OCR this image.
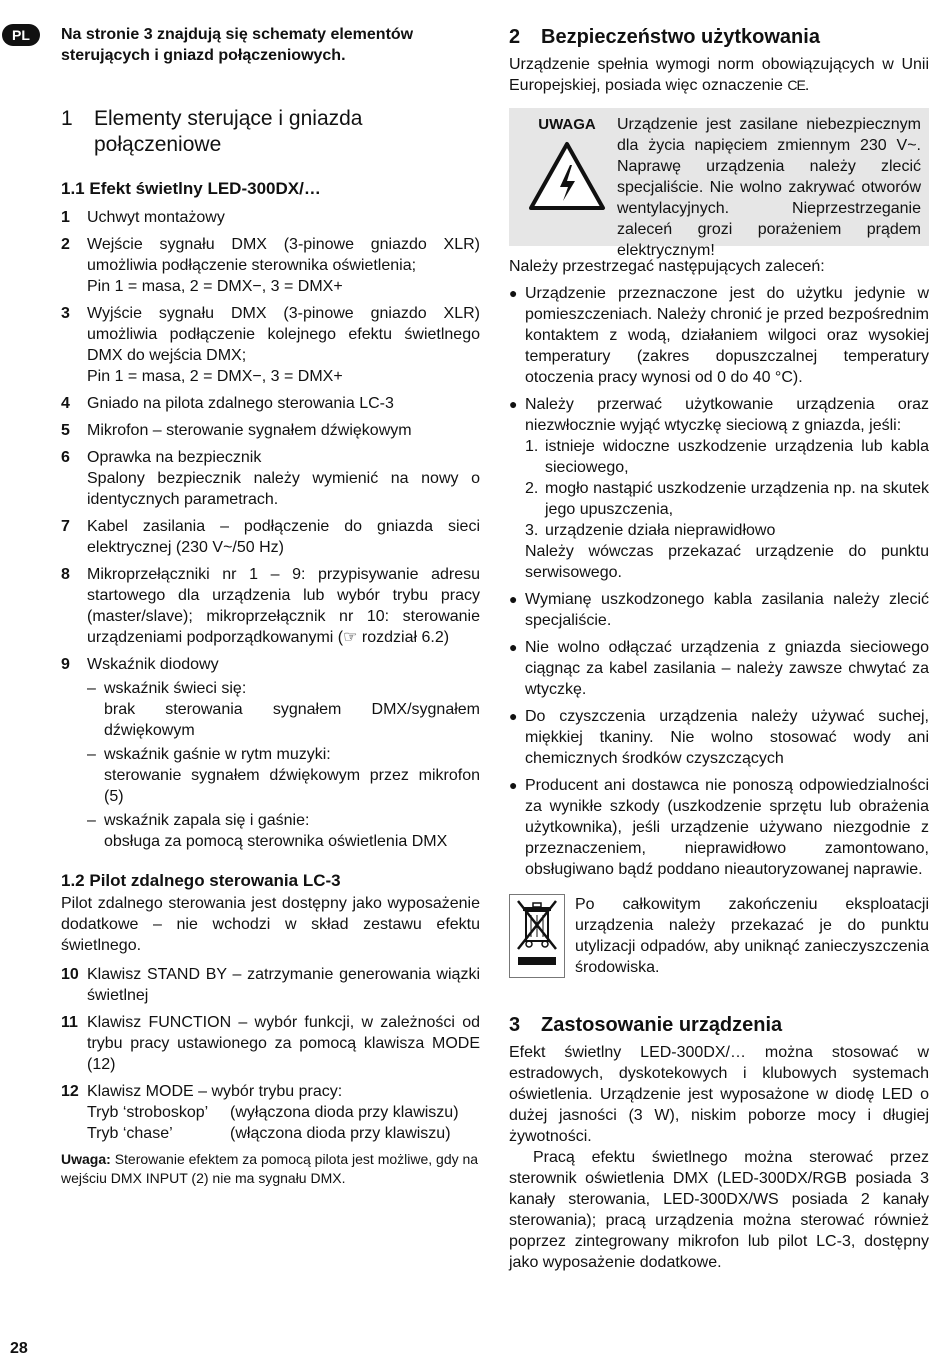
PL	Na stronie 3 znajdują się schematy elementów sterujących i gniazd połączeniowych.

1	Elementy sterujące i gniazda połączeniowe
1.1 Efekt świetlny LED-300DX/…
1	Uchwyt montażowy
2	Wejście sygnału DMX (3-pinowe gniazdo XLR) umożliwia podłączenie sterownika oświetlenia;
Pin 1 = masa, 2 = DMX−, 3 = DMX+
3	Wyjście sygnału DMX (3-pinowe gniazdo XLR) umożliwia podłączenie kolejnego efektu świetlnego DMX do wejścia DMX;
Pin 1 = masa, 2 = DMX−, 3 = DMX+
4	Gniado na pilota zdalnego sterowania LC-3
5	Mikrofon – sterowanie sygnałem dźwiękowym
6	Oprawka na bezpiecznik
Spalony bezpiecznik należy wymienić na nowy o identycznych parametrach.
7	Kabel zasilania – podłączenie do gniazda sieci elektrycznej (230 V~/50 Hz)
8	Mikroprzełączniki nr 1 – 9: przypisywanie adresu startowego dla urządzenia lub wybór trybu pracy (master/slave); mikroprzełącznik nr 10: sterowanie urządzeniami podporządkowanymi (☞ rozdział 6.2)
9	Wskaźnik diodowy
– wskaźnik świeci się:
brak sterowania sygnałem DMX/sygnałem dźwiękowym
– wskaźnik gaśnie w rytm muzyki:
sterowanie sygnałem dźwiękowym przez mikrofon (5)
– wskaźnik zapala się i gaśnie:
obsługa za pomocą sterownika oświetlenia DMX
1.2 Pilot zdalnego sterowania LC-3

Pilot zdalnego sterowania jest dostępny jako wyposażenie dodatkowe – nie wchodzi w skład zestawu efektu świetlnego.

10 Klawisz STAND BY – zatrzymanie generowania wiązki świetlnej
11 Klawisz FUNCTION – wybór funkcji, w zależności od trybu pracy ustawionego za pomocą klawisza MODE (12)
12 Klawisz MODE – wybór trybu pracy:
Tryb ‘stroboskop’	(wyłączona dioda przy klawiszu)
Tryb ‘chase’	(włączona dioda przy klawiszu)

Uwaga: Sterowanie efektem za pomocą pilota jest możliwe, gdy na wejściu DMX INPUT (2) nie ma sygnału DMX.

2	Bezpieczeństwo użytkowania

Urządzenie spełnia wymogi norm obowiązujących w Unii Europejskiej, posiada więc oznaczenie CE.

UWAGA	Urządzenie jest zasilane niebezpiecznym dla życia napięciem zmiennym 230 V~. Naprawę urządzenia należy zlecić specjaliście. Nie wolno zakrywać otworów wentylacyjnych. Nieprzestrzeganie zaleceń grozi porażeniem prądem elektrycznym!

Należy przestrzegać następujących zaleceń:

● Urządzenie przeznaczone jest do użytku jedynie w pomieszczeniach. Należy chronić je przed bezpośrednim kontaktem z wodą, działaniem wilgoci oraz wysokiej temperatury (zakres dopuszczalnej temperatury otoczenia pracy wynosi od 0 do 40 °C).
● Należy przerwać użytkowanie urządzenia oraz niezwłocznie wyjąć wtyczkę sieciową z gniazda, jeśli:
1. istnieje widoczne uszkodzenie urządzenia lub kabla sieciowego,
2. mogło nastąpić uszkodzenie urządzenia np. na skutek jego upuszczenia,
3. urządzenie działa nieprawidłowo
Należy wówczas przekazać urządzenie do punktu serwisowego.
● Wymianę uszkodzonego kabla zasilania należy zlecić specjaliście.
● Nie wolno odłączać urządzenia z gniazda sieciowego ciągnąc za kabel zasilania – należy zawsze chwytać za wtyczkę.
● Do czyszczenia urządzenia należy używać suchej, miękkiej tkaniny. Nie wolno stosować wody ani chemicznych środków czyszczących
● Producent ani dostawca nie ponoszą odpowiedzialności za wynikłe szkody (uszkodzenie sprzętu lub obrażenia użytkownika), jeśli urządzenie używano niezgodnie z przeznaczeniem, nieprawidłowo zamontowano, obsługiwano bądź poddano nieautoryzowanej naprawie.
Po całkowitym zakończeniu eksploatacji urządzenia należy przekazać je do punktu utylizacji odpadów, aby uniknąć zanieczyszczenia środowiska.
3	Zastosowanie urządzenia

Efekt świetlny LED-300DX/… można stosować w estradowych, dyskotekowych i klubowych systemach oświetlenia. Urządzenie jest wyposażone w diodę LED o dużej jasności (3 W), niskim poborze mocy i długiej żywotności.

Pracą efektu świetlnego można sterować przez sterownik oświetlenia DMX (LED-300DX/RGB posiada 3 kanały sterowania, LED-300DX/WS posiada 2 kanały sterowania); pracą urządzenia można sterować również poprzez zintegrowany mikrofon lub pilot LC-3, dostępny jako wyposażenie dodatkowe.

28
